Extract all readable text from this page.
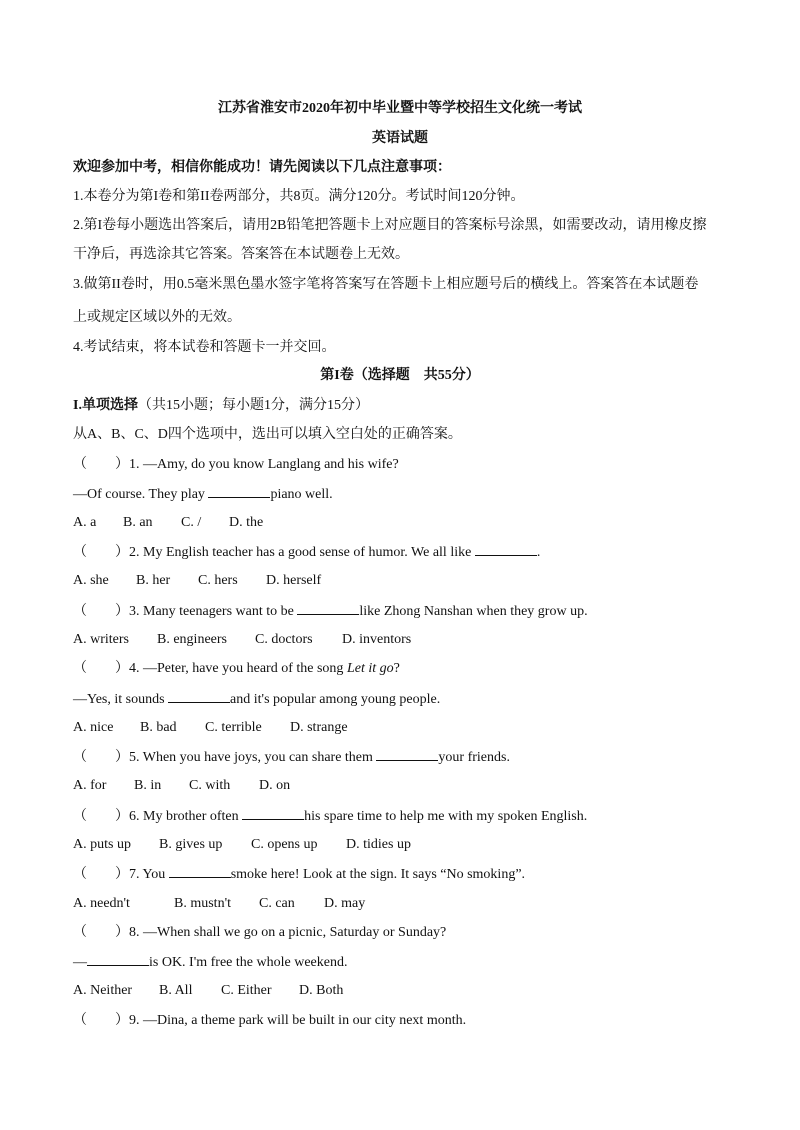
江苏省淮安市2020年初中毕业暨中等学校招生文化统一考试
英语试题
欢迎参加中考，相信你能成功！请先阅读以下几点注意事项：
1.本卷分为第I卷和第II卷两部分，共8页。满分120分。考试时间120分钟。
2.第I卷每小题选出答案后，请用2B铅笔把答题卡上对应题目的答案标号涂黑，如需要改动，请用橡皮擦
干净后，再选涂其它答案。答案答在本试题卷上无效。
3.做第II卷时，用0.5毫米黑色墨水签字笔将答案写在答题卡上相应题号后的横线上。答案答在本试题卷
上或规定区域以外的无效。
4.考试结束，将本试卷和答题卡一并交回。
第I卷（选择题　共55分）
I.单项选择（共15小题；每小题1分，满分15分）
从A、B、C、D四个选项中，选出可以填入空白处的正确答案。
（　　）1. —Amy, do you know Langlang and his wife?
—Of course. They play	piano well.
A. a B. an C. / D. the
（　　）2. My English teacher has a good sense of humor. We all like	.
A. she B. her C. hers D. herself
（　　）3. Many teenagers want to be	like Zhong Nanshan when they grow up.
A. writers B. engineers C. doctors D. inventors
（　　）4. —Peter, have you heard of the song Let it go?
—Yes, it sounds	and it's popular among young people.
A. nice B. bad C. terrible D. strange
（　　）5. When you have joys, you can share them	your friends.
A. for B. in C. with D. on
（　　）6. My brother often	his spare time to help me with my spoken English.
A. puts up B. gives up C. opens up D. tidies up
（　　）7. You	smoke here! Look at the sign. It says “No smoking”.
A. needn't	B. mustn't C. can D. may
（　　）8. —When shall we go on a picnic, Saturday or Sunday?
—	is OK. I'm free the whole weekend.
A. Neither B. All C. Either D. Both
（　　）9. —Dina, a theme park will be built in our city next month.
